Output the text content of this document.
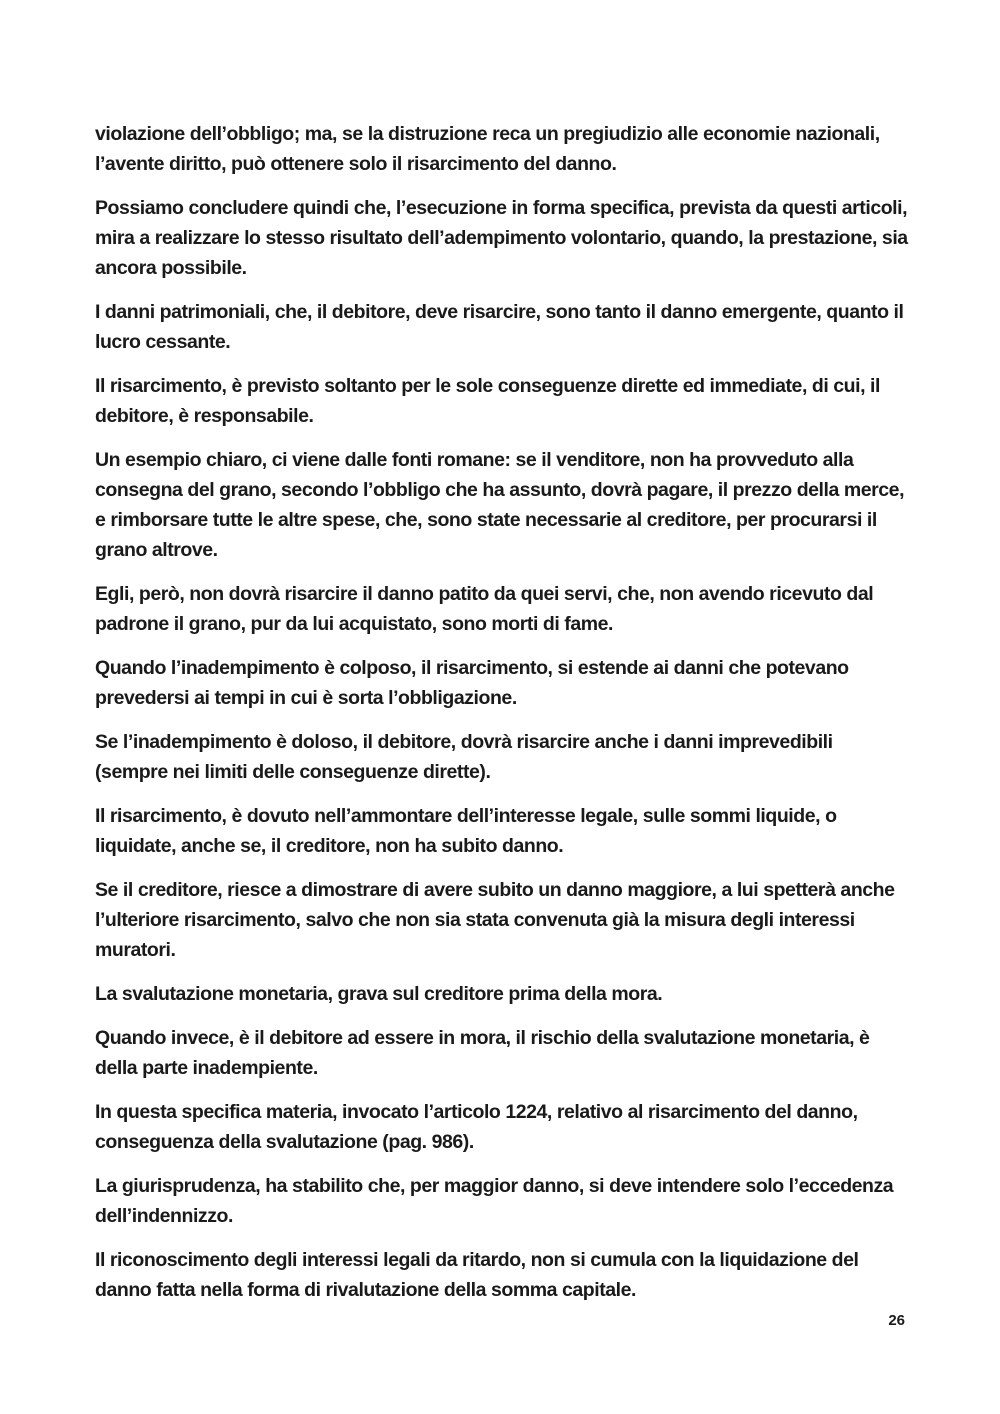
violazione dell’obbligo; ma, se la distruzione reca un pregiudizio alle economie nazionali, l’avente diritto, può ottenere solo il risarcimento del danno.

Possiamo concludere quindi che, l’esecuzione in forma specifica, prevista da questi articoli, mira a realizzare lo stesso risultato dell’adempimento volontario, quando, la prestazione, sia ancora possibile.

I danni patrimoniali, che, il debitore, deve risarcire, sono tanto il danno emergente, quanto il lucro cessante.

Il risarcimento, è previsto soltanto per le sole conseguenze dirette ed immediate, di cui, il debitore, è responsabile.

Un esempio chiaro, ci viene dalle fonti romane: se il venditore, non ha provveduto alla consegna del grano, secondo l’obbligo che ha assunto, dovrà pagare, il prezzo della merce, e rimborsare tutte le altre spese, che, sono state necessarie al creditore, per procurarsi il grano altrove.

Egli, però, non dovrà risarcire il danno patito da quei servi, che, non avendo ricevuto dal padrone il grano, pur da lui acquistato, sono morti di fame.

Quando l’inadempimento è colposo, il risarcimento, si estende ai danni che potevano prevedersi ai tempi in cui è sorta l’obbligazione.

Se l’inadempimento è doloso, il debitore, dovrà risarcire anche i danni imprevedibili (sempre nei limiti delle conseguenze dirette).

Il risarcimento, è dovuto nell’ammontare dell’interesse legale, sulle sommi liquide, o liquidate, anche se, il creditore, non ha subito danno.

Se il creditore, riesce a dimostrare di avere subito un danno maggiore, a lui spetterà anche l’ulteriore risarcimento, salvo che non sia stata convenuta già la misura degli interessi muratori.

La svalutazione monetaria, grava sul creditore prima della mora.

Quando invece, è il debitore ad essere in mora, il rischio della svalutazione monetaria, è della parte inadempiente.

In questa specifica materia, invocato l’articolo 1224, relativo al risarcimento del danno, conseguenza della svalutazione (pag. 986).

La giurisprudenza, ha stabilito che, per maggior danno, si deve intendere solo l’eccedenza dell’indennizzo.

Il riconoscimento degli interessi legali da ritardo, non si cumula con la liquidazione del danno fatta nella forma di rivalutazione della somma capitale.

26
